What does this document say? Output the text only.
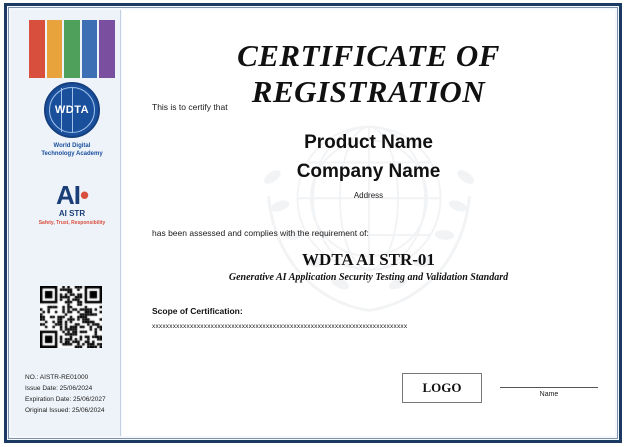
WDTA
World Digital
Technology Academy
AI•
AI STR
Safety, Trust, Responsibility
NO.: AISTR-RE01000
Issue Date: 25/06/2024
Expiration Date: 25/06/2027
Original Issued: 25/06/2024
CERTIFICATE OF REGISTRATION
This is to certify that
Product Name
Company Name
Address
has been assessed and complies with the requirement of:
WDTA AI STR-01
Generative AI Application Security Testing and Validation Standard
Scope of Certification:
xxxxxxxxxxxxxxxxxxxxxxxxxxxxxxxxxxxxxxxxxxxxxxxxxxxxxxxxxxxxxxxxxxxxxxxxxx
LOGO	Name
